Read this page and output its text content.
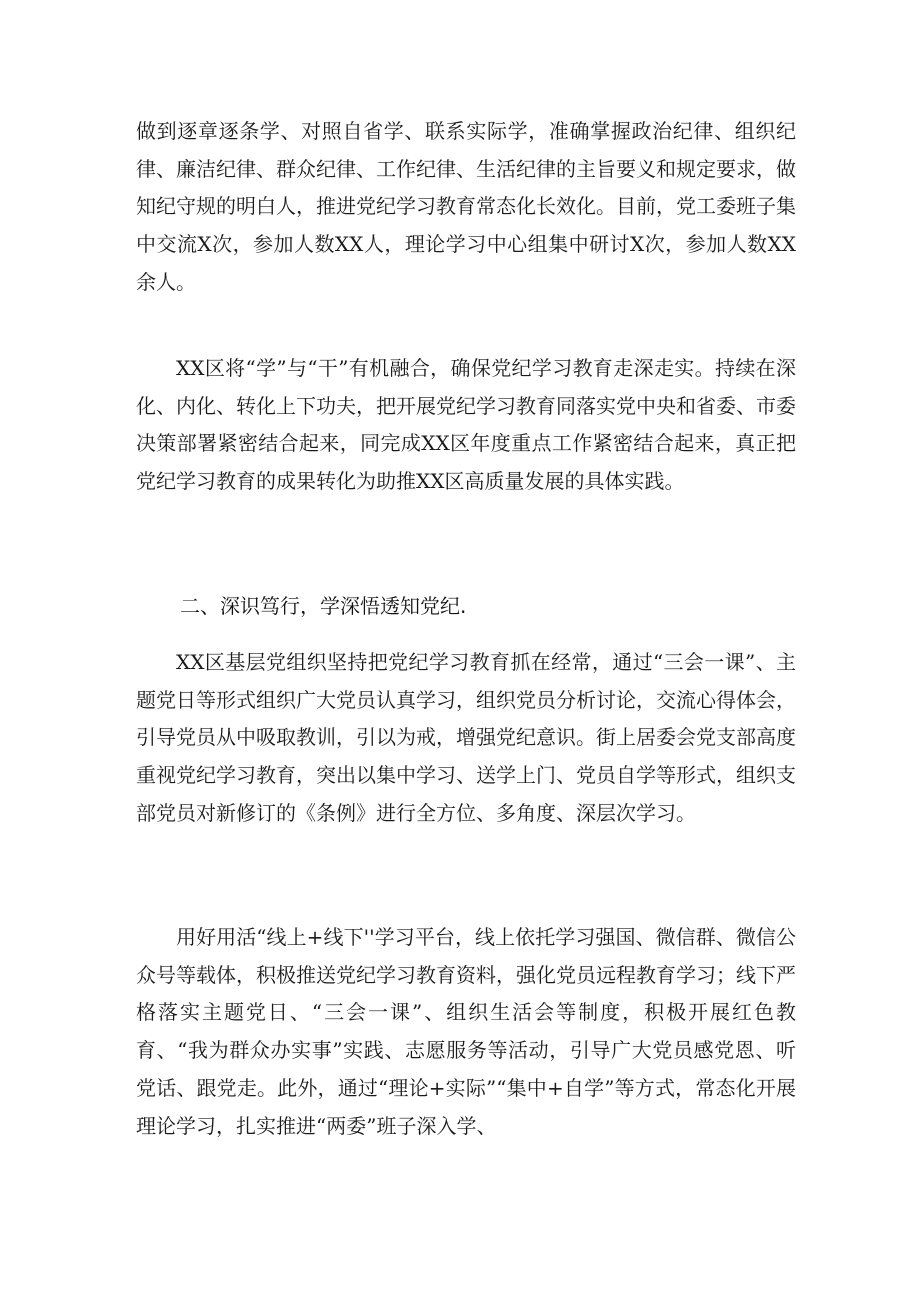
做到逐章逐条学、对照自省学、联系实际学，准确掌握政治纪律、组织纪律、廉洁纪律、群众纪律、工作纪律、生活纪律的主旨要义和规定要求，做知纪守规的明白人，推进党纪学习教育常态化长效化。目前，党工委班子集中交流X次，参加人数XX人，理论学习中心组集中研讨X次，参加人数XX余人。

XX区将“学”与“干”有机融合，确保党纪学习教育走深走实。持续在深化、内化、转化上下功夫，把开展党纪学习教育同落实党中央和省委、市委决策部署紧密结合起来，同完成XX区年度重点工作紧密结合起来，真正把党纪学习教育的成果转化为助推XX区高质量发展的具体实践。

二、深识笃行，学深悟透知党纪.

XX区基层党组织坚持把党纪学习教育抓在经常，通过“三会一课”、主题党日等形式组织广大党员认真学习，组织党员分析讨论，交流心得体会，引导党员从中吸取教训，引以为戒，增强党纪意识。街上居委会党支部高度重视党纪学习教育，突出以集中学习、送学上门、党员自学等形式，组织支部党员对新修订的《条例》进行全方位、多角度、深层次学习。

用好用活“线上+线下''学习平台，线上依托学习强国、微信群、微信公众号等载体，积极推送党纪学习教育资料，强化党员远程教育学习；线下严格落实主题党日、“三会一课”、组织生活会等制度，积极开展红色教育、“我为群众办实事”实践、志愿服务等活动，引导广大党员感党恩、听党话、跟党走。此外，通过“理论+实际”“集中+自学”等方式，常态化开展理论学习，扎实推进“两委”班子深入学、
